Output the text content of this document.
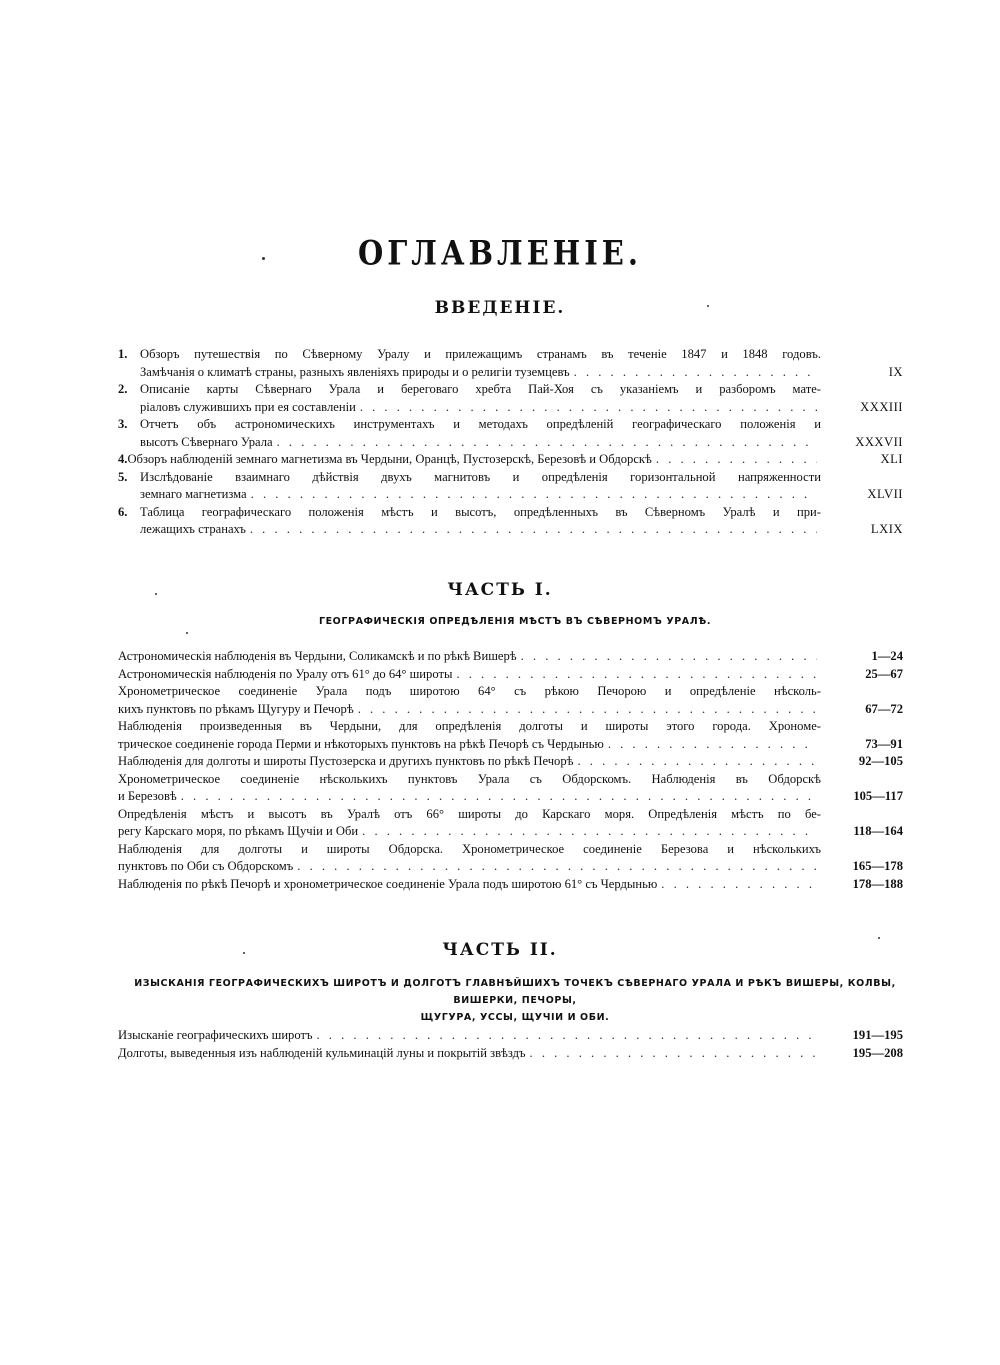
ОГЛАВЛЕНІЕ.
ВВЕДЕНІЕ.
1. Обзоръ путешествія по Сѣверному Уралу и прилежащимъ странамъ въ теченіе 1847 и 1848 годовъ.
Замѣчанія о климатѣ страны, разныхъ явленіяхъ природы и о религіи туземцевъ . . .	IX
2. Описаніе карты Сѣвернаго Урала и береговаго хребта Пай-Хоя съ указаніемъ и разборомъ мате-
ріаловъ служившихъ при ея составленіи . . .	XXXIII
3. Отчетъ объ астрономическихъ инструментахъ и методахъ опредѣленій географическаго положенія и
высотъ Сѣвернаго Урала . . .	XXXVII
4. Обзоръ наблюденій земнаго магнетизма въ Чердыни, Оранцѣ, Пустозерскѣ, Березовѣ и Обдорскѣ . . .	XLI
5. Изслѣдованіе взаимнаго дѣйствія двухъ магнитовъ и опредѣленія горизонтальной напряженности
земнаго магнетизма . . .	XLVII
6. Таблица географическаго положенія мѣстъ и высотъ, опредѣленныхъ въ Сѣверномъ Уралѣ и при-
лежащихъ странахъ . . .	LXIX
ЧАСТЬ I.
ГЕОГРАФИЧЕСКІЯ ОПРЕДѢЛЕНІЯ МѢСТЪ ВЪ СѢВЕРНОМЪ УРАЛѢ.
Астрономическія наблюденія въ Чердыни, Соликамскѣ и по рѣкѣ Вишерѣ . . .	1—24
Астрономическія наблюденія по Уралу отъ 61° до 64° широты . . .	25—67
Хронометрическое соединеніе Урала подъ широтою 64° съ рѣкою Печорою и опредѣленіе нѣсколь-
кихъ пунктовъ по рѣкамъ Щугуру и Печорѣ . . .	67—72
Наблюденія произведенныя въ Чердыни, для опредѣленія долготы и широты этого города. Хрономе-
трическое соединеніе города Перми и нѣкоторыхъ пунктовъ на рѣкѣ Печорѣ съ Чердынью . . .	73—91
Наблюденія для долготы и широты Пустозерска и другихъ пунктовъ по рѣкѣ Печорѣ . . .	92—105
Хронометрическое соединеніе нѣсколькихъ пунктовъ Урала съ Обдорскомъ. Наблюденія въ Обдорскѣ
и Березовѣ . . .	105—117
Опредѣленія мѣстъ и высотъ въ Уралѣ отъ 66° широты до Карскаго моря. Опредѣленія мѣстъ по бе-
регу Карскаго моря, по рѣкамъ Щучіи и Оби . . .	118—164
Наблюденія для долготы и широты Обдорска. Хронометрическое соединеніе Березова и нѣсколькихъ
пунктовъ по Оби съ Обдорскомъ . . .	165—178
Наблюденія по рѣкѣ Печорѣ и хронометрическое соединеніе Урала подъ широтою 61° съ Чердынью . . .	178—188
ЧАСТЬ II.
ИЗЫСКАНІЯ ГЕОГРАФИЧЕСКИХЪ ШИРОТЪ И ДОЛГОТЪ ГЛАВНѢЙШИХЪ ТОЧЕКЪ СѢВЕРНАГО УРАЛА И РѢКЪ ВИШЕРЫ, КОЛВЫ, ВИШЕРКИ, ПЕЧОРЫ,
ЩУГУРА, УССЫ, ЩУЧІИ И ОБИ.
Изысканіе географическихъ широтъ . . .	191—195
Долготы, выведенныя изъ наблюденій кульминацій луны и покрытій звѣздъ . . .	195—208
